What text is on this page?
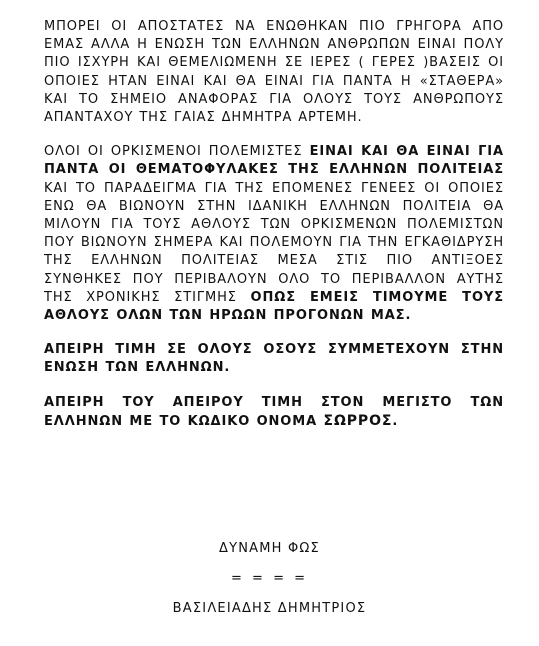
ΜΠΟΡΕΙ ΟΙ ΑΠΟΣΤΑΤΕΣ ΝΑ ΕΝΩΘΗΚΑΝ ΠΙΟ ΓΡΗΓΟΡΑ ΑΠΟ ΕΜΑΣ ΑΛΛΑ Η ΕΝΩΣΗ ΤΩΝ ΕΛΛΗΝΩΝ ΑΝΘΡΩΠΩΝ ΕΙΝΑΙ ΠΟΛΥ ΠΙΟ ΙΣΧΥΡΗ ΚΑΙ ΘΕΜΕΛΙΩΜΕΝΗ ΣΕ ΙΕΡΕΣ ( ΓΕΡΕΣ )ΒΑΣΕΙΣ ΟΙ ΟΠΟΙΕΣ ΗΤΑΝ ΕΙΝΑΙ ΚΑΙ ΘΑ ΕΙΝΑΙ ΓΙΑ ΠΑΝΤΑ Η «ΣΤΑΘΕΡΑ» ΚΑΙ ΤΟ ΣΗΜΕΙΟ ΑΝΑΦΟΡΑΣ ΓΙΑ ΟΛΟΥΣ ΤΟΥΣ ΑΝΘΡΩΠΟΥΣ ΑΠΑΝΤΑΧΟΥ ΤΗΣ ΓΑΙΑΣ ΔΗΜΗΤΡΑ ΑΡΤΕΜΗ.

ΟΛΟΙ ΟΙ ΟΡΚΙΣΜΕΝΟΙ ΠΟΛΕΜΙΣΤΕΣ ΕΙΝΑΙ ΚΑΙ ΘΑ ΕΙΝΑΙ ΓΙΑ ΠΑΝΤΑ ΟΙ ΘΕΜΑΤΟΦΥΛΑΚΕΣ ΤΗΣ ΕΛΛΗΝΩΝ ΠΟΛΙΤΕΙΑΣ ΚΑΙ ΤΟ ΠΑΡΑΔΕΙΓΜΑ ΓΙΑ ΤΗΣ ΕΠΟΜΕΝΕΣ ΓΕΝΕΕΣ ΟΙ ΟΠΟΙΕΣ ΕΝΩ ΘΑ ΒΙΩΝΟΥΝ ΣΤΗΝ ΙΔΑΝΙΚΗ ΕΛΛΗΝΩΝ ΠΟΛΙΤΕΙΑ ΘΑ ΜΙΛΟΥΝ ΓΙΑ ΤΟΥΣ ΑΘΛΟΥΣ ΤΩΝ ΟΡΚΙΣΜΕΝΩΝ ΠΟΛΕΜΙΣΤΩΝ ΠΟΥ ΒΙΩΝΟΥΝ ΣΗΜΕΡΑ ΚΑΙ ΠΟΛΕΜΟΥΝ ΓΙΑ ΤΗΝ ΕΓΚΑΘΙΔΡΥΣΗ ΤΗΣ ΕΛΛΗΝΩΝ ΠΟΛΙΤΕΙΑΣ ΜΕΣΑ ΣΤΙΣ ΠΙΟ ΑΝΤΙΞΟΕΣ ΣΥΝΘΗΚΕΣ ΠΟΥ ΠΕΡΙΒΑΛΟΥΝ ΟΛΟ ΤΟ ΠΕΡΙΒΑΛΛΟΝ ΑΥΤΗΣ ΤΗΣ ΧΡΟΝΙΚΗΣ ΣΤΙΓΜΗΣ ΟΠΩΣ ΕΜΕΙΣ ΤΙΜΟΥΜΕ ΤΟΥΣ ΑΘΛΟΥΣ ΟΛΩΝ ΤΩΝ ΗΡΩΩΝ ΠΡΟΓΟΝΩΝ ΜΑΣ.

ΑΠΕΙΡΗ ΤΙΜΗ ΣΕ ΟΛΟΥΣ ΟΣΟΥΣ ΣΥΜΜΕΤΕΧΟΥΝ ΣΤΗΝ ΕΝΩΣΗ ΤΩΝ ΕΛΛΗΝΩΝ.

ΑΠΕΙΡΗ ΤΟΥ ΑΠΕΙΡΟΥ ΤΙΜΗ ΣΤΟΝ ΜΕΓΙΣΤΟ ΤΩΝ ΕΛΛΗΝΩΝ ΜΕ ΤΟ ΚΩΔΙΚΟ ΟΝΟΜΑ ΣΩΡΡΟΣ.

ΔΥΝΑΜΗ ΦΩΣ
= = = =
ΒΑΣΙΛΕΙΑΔΗΣ ΔΗΜΗΤΡΙΟΣ
